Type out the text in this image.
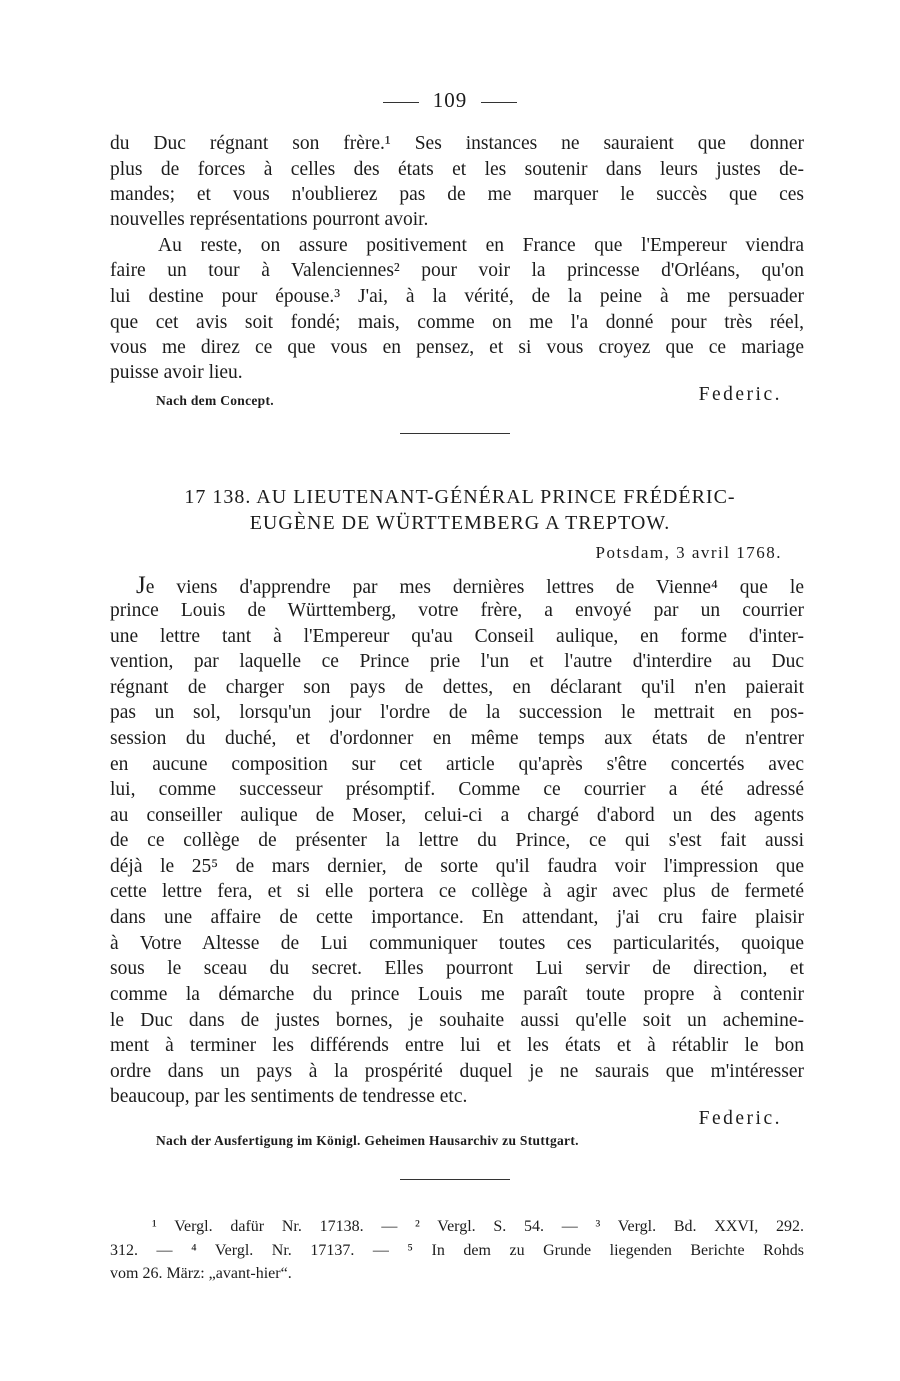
109
du Duc régnant son frère.¹ Ses instances ne sauraient que donner
plus de forces à celles des états et les soutenir dans leurs justes de-
mandes; et vous n'oublierez pas de me marquer le succès que ces
nouvelles représentations pourront avoir.
Au reste, on assure positivement en France que l'Empereur viendra
faire un tour à Valenciennes² pour voir la princesse d'Orléans, qu'on
lui destine pour épouse.³ J'ai, à la vérité, de la peine à me persuader
que cet avis soit fondé; mais, comme on me l'a donné pour très réel,
vous me direz ce que vous en pensez, et si vous croyez que ce mariage
puisse avoir lieu.
Nach dem Concept.	Federic.
17 138. AU LIEUTENANT-GÉNÉRAL PRINCE FRÉDÉRIC-
EUGÈNE DE WÜRTTEMBERG A TREPTOW.
Potsdam, 3 avril 1768.
Je viens d'apprendre par mes dernières lettres de Vienne⁴ que le
prince Louis de Württemberg, votre frère, a envoyé par un courrier
une lettre tant à l'Empereur qu'au Conseil aulique, en forme d'inter-
vention, par laquelle ce Prince prie l'un et l'autre d'interdire au Duc
régnant de charger son pays de dettes, en déclarant qu'il n'en paierait
pas un sol, lorsqu'un jour l'ordre de la succession le mettrait en pos-
session du duché, et d'ordonner en même temps aux états de n'entrer
en aucune composition sur cet article qu'après s'être concertés avec
lui, comme successeur présomptif. Comme ce courrier a été adressé
au conseiller aulique de Moser, celui-ci a chargé d'abord un des agents
de ce collège de présenter la lettre du Prince, ce qui s'est fait aussi
déjà le 25⁵ de mars dernier, de sorte qu'il faudra voir l'impression que
cette lettre fera, et si elle portera ce collège à agir avec plus de fermeté
dans une affaire de cette importance. En attendant, j'ai cru faire plaisir
à Votre Altesse de Lui communiquer toutes ces particularités, quoique
sous le sceau du secret. Elles pourront Lui servir de direction, et
comme la démarche du prince Louis me paraît toute propre à contenir
le Duc dans de justes bornes, je souhaite aussi qu'elle soit un achemine-
ment à terminer les différends entre lui et les états et à rétablir le bon
ordre dans un pays à la prospérité duquel je ne saurais que m'intéresser
beaucoup, par les sentiments de tendresse etc.
Federic.
Nach der Ausfertigung im Königl. Geheimen Hausarchiv zu Stuttgart.
¹ Vergl. dafür Nr. 17138. — ² Vergl. S. 54. — ³ Vergl. Bd. XXVI, 292.
312. — ⁴ Vergl. Nr. 17137. — ⁵ In dem zu Grunde liegenden Berichte Rohds
vom 26. März: „avant-hier“.
